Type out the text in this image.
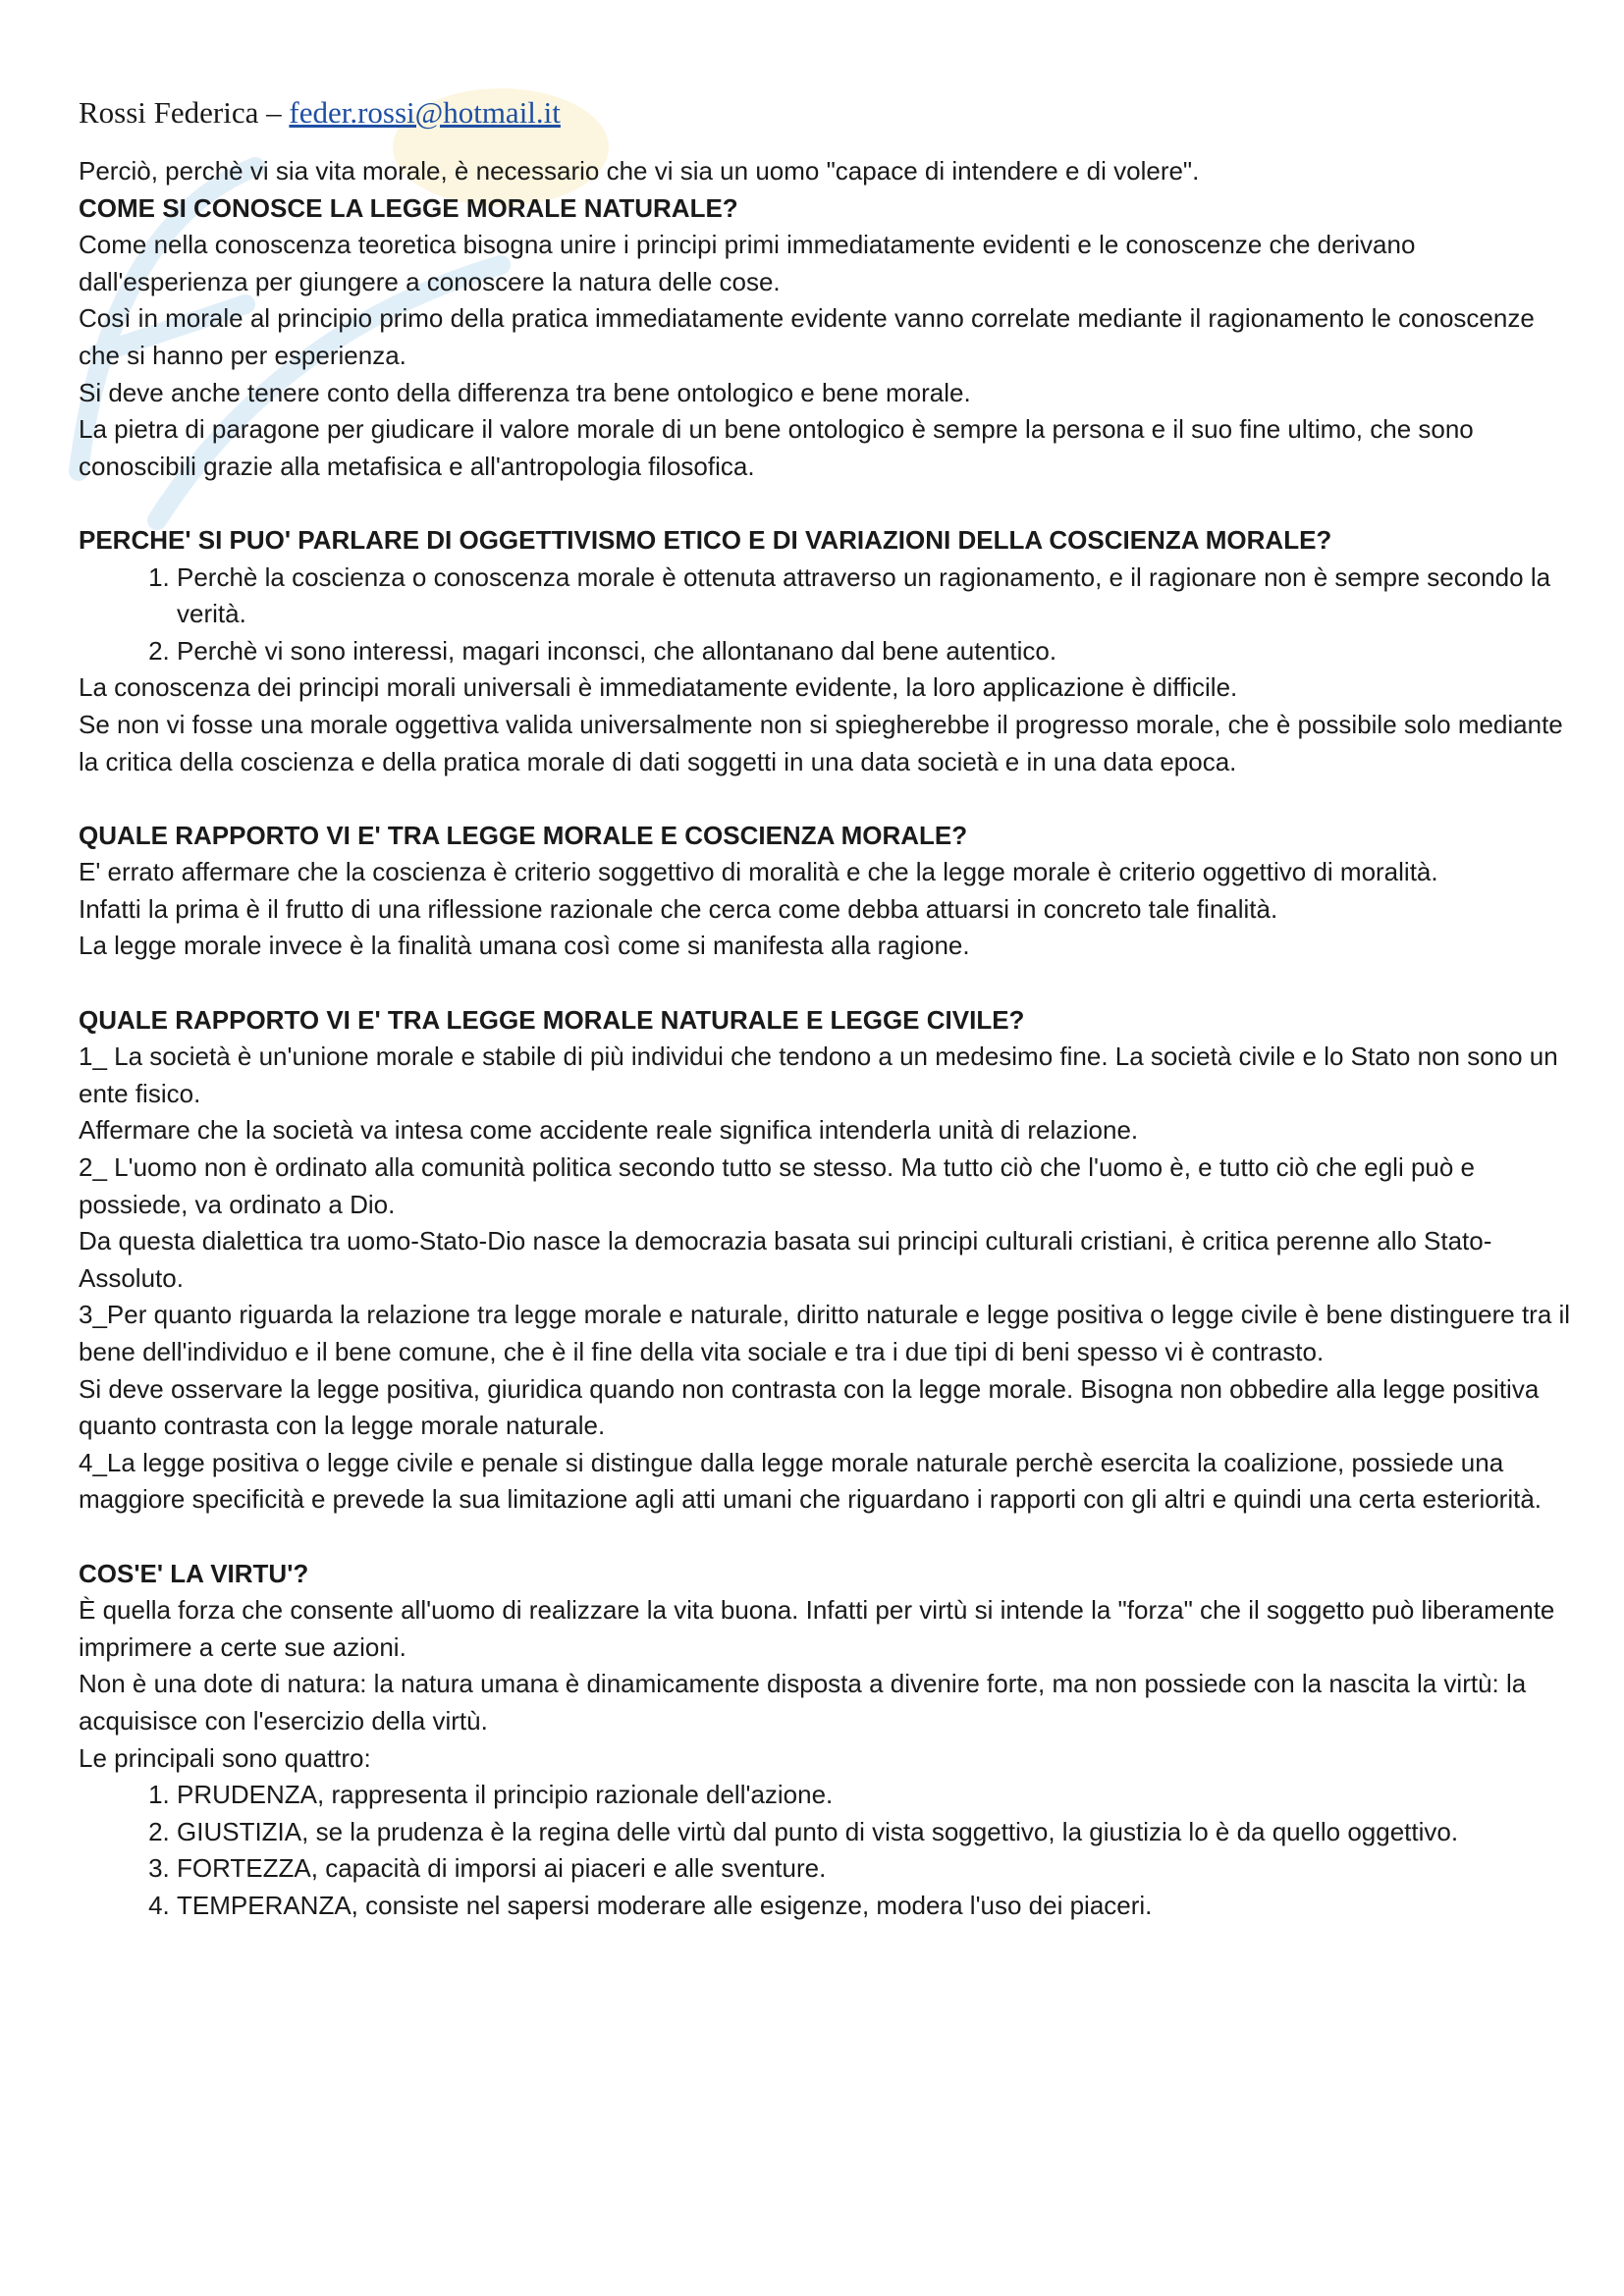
Rossi Federica – feder.rossi@hotmail.it

Perciò, perchè vi sia vita morale, è necessario che vi sia un uomo "capace di intendere e di volere".

COME SI CONOSCE LA LEGGE MORALE NATURALE?

Come nella conoscenza teoretica bisogna unire i principi primi immediatamente evidenti e le conoscenze che derivano dall'esperienza per giungere a conoscere la natura delle cose.

Così in morale al principio primo della pratica immediatamente evidente vanno correlate mediante il ragionamento le conoscenze che si hanno per esperienza.

Si deve anche tenere conto della differenza tra bene ontologico e bene morale.

La pietra di paragone per giudicare il valore morale di un bene ontologico è sempre la persona e il suo fine ultimo, che sono conoscibili grazie alla metafisica e all'antropologia filosofica.

PERCHE' SI PUO' PARLARE DI OGGETTIVISMO ETICO E DI VARIAZIONI DELLA COSCIENZA MORALE?
1. Perchè la coscienza o conoscenza morale è ottenuta attraverso un ragionamento, e il ragionare non è sempre secondo la verità.
2. Perchè vi sono interessi, magari inconsci, che allontanano dal bene autentico.

La conoscenza dei principi morali universali è immediatamente evidente, la loro applicazione è difficile.

Se non vi fosse una morale oggettiva valida universalmente non si spiegherebbe il progresso morale, che è possibile solo mediante la critica della coscienza e della pratica morale di dati soggetti in una data società e in una data epoca.

QUALE RAPPORTO VI E' TRA LEGGE MORALE E COSCIENZA MORALE?

E' errato affermare che la coscienza è criterio soggettivo di moralità e che la legge morale è criterio oggettivo di moralità.

Infatti la prima è il frutto di una riflessione razionale che cerca come debba attuarsi in concreto tale finalità.

La legge morale invece è la finalità umana così come si manifesta alla ragione.

QUALE RAPPORTO VI E' TRA LEGGE MORALE NATURALE E LEGGE CIVILE?

1_ La società è un'unione morale e stabile di più individui che tendono a un medesimo fine. La società civile e lo Stato non sono un ente fisico.

Affermare che la società va intesa come accidente reale significa intenderla unità di relazione.

2_ L'uomo non è ordinato alla comunità politica secondo tutto se stesso. Ma tutto ciò che l'uomo è, e tutto ciò che egli può e possiede, va ordinato a Dio.

Da questa dialettica tra uomo-Stato-Dio nasce la democrazia basata sui principi culturali cristiani, è critica perenne allo Stato-Assoluto.

3_Per quanto riguarda la relazione tra legge morale e naturale, diritto naturale e legge positiva o legge civile è bene distinguere tra il bene dell'individuo e il bene comune, che è il fine della vita sociale e tra i due tipi di beni spesso vi è contrasto.

Si deve osservare la legge positiva, giuridica quando non contrasta con la legge morale. Bisogna non obbedire alla legge positiva quanto contrasta con la legge morale naturale.

4_La legge positiva o legge civile e penale si distingue dalla legge morale naturale perchè esercita la coalizione, possiede una maggiore specificità e prevede la sua limitazione agli atti umani che riguardano i rapporti con gli altri e quindi una certa esteriorità.

COS'E' LA VIRTU'?

È quella forza che consente all'uomo di realizzare la vita buona. Infatti per virtù si intende la "forza" che il soggetto può liberamente imprimere a certe sue azioni.

Non è una dote di natura: la natura umana è dinamicamente disposta a divenire forte, ma non possiede con la nascita la virtù: la acquisisce con l'esercizio della virtù.

Le principali sono quattro:

1. PRUDENZA, rappresenta il principio razionale dell'azione.
2. GIUSTIZIA, se la prudenza è la regina delle virtù dal punto di vista soggettivo, la giustizia lo è da quello oggettivo.
3. FORTEZZA, capacità di imporsi ai piaceri e alle sventure.
4. TEMPERANZA, consiste nel sapersi moderare alle esigenze, modera l'uso dei piaceri.
